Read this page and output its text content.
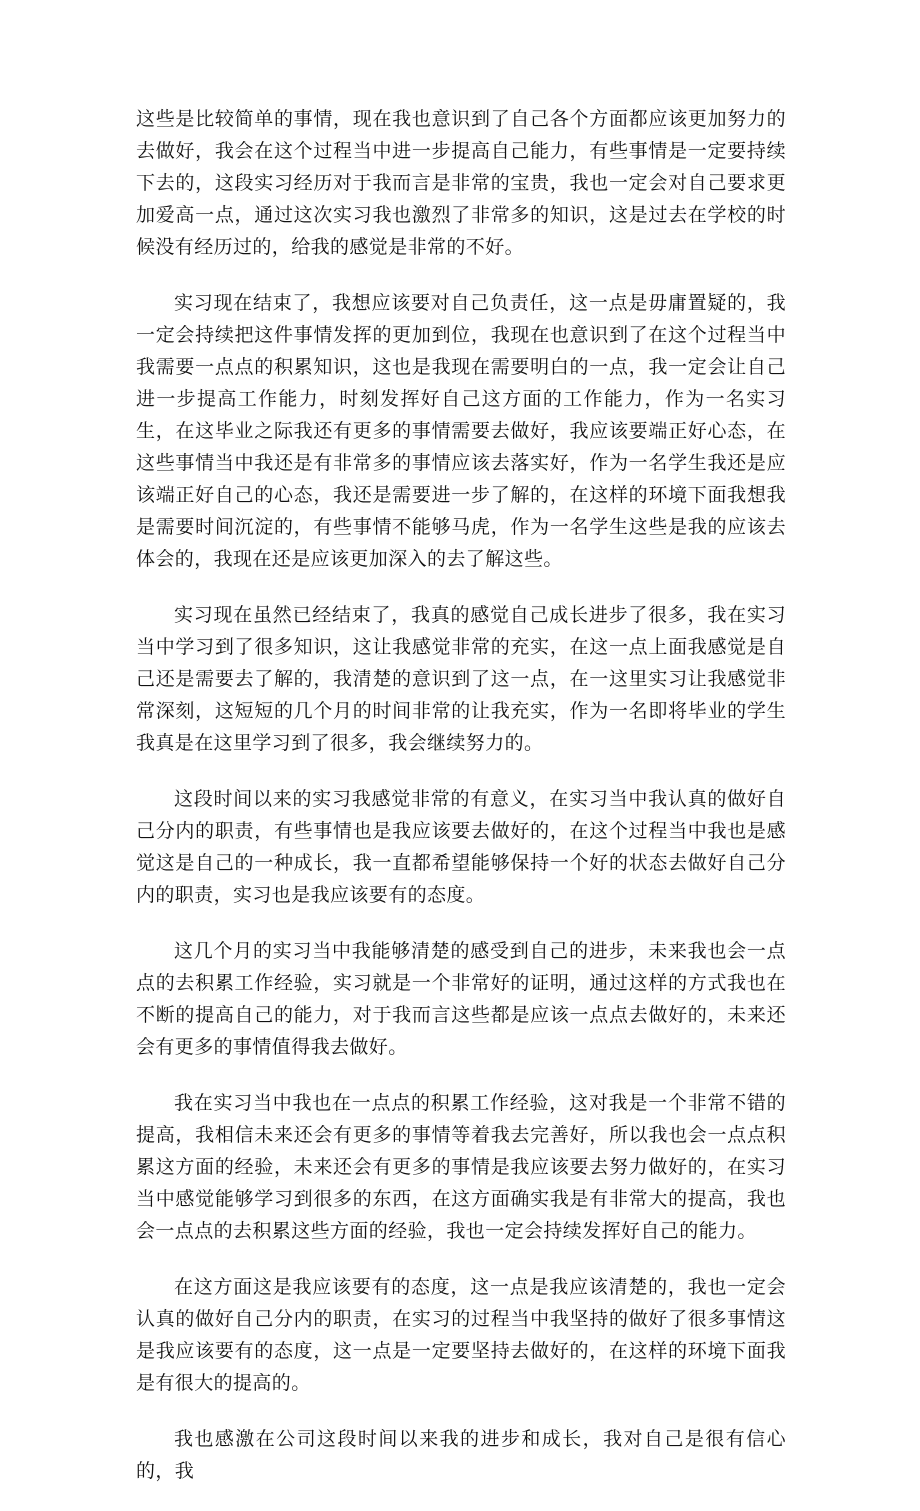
这些是比较简单的事情，现在我也意识到了自己各个方面都应该更加努力的去做好，我会在这个过程当中进一步提高自己能力，有些事情是一定要持续下去的，这段实习经历对于我而言是非常的宝贵，我也一定会对自己要求更加爱高一点，通过这次实习我也激烈了非常多的知识，这是过去在学校的时候没有经历过的，给我的感觉是非常的不好。

实习现在结束了，我想应该要对自己负责任，这一点是毋庸置疑的，我一定会持续把这件事情发挥的更加到位，我现在也意识到了在这个过程当中我需要一点点的积累知识，这也是我现在需要明白的一点，我一定会让自己进一步提高工作能力，时刻发挥好自己这方面的工作能力，作为一名实习生，在这毕业之际我还有更多的事情需要去做好，我应该要端正好心态，在这些事情当中我还是有非常多的事情应该去落实好，作为一名学生我还是应该端正好自己的心态，我还是需要进一步了解的，在这样的环境下面我想我是需要时间沉淀的，有些事情不能够马虎，作为一名学生这些是我的应该去体会的，我现在还是应该更加深入的去了解这些。

实习现在虽然已经结束了，我真的感觉自己成长进步了很多，我在实习当中学习到了很多知识，这让我感觉非常的充实，在这一点上面我感觉是自己还是需要去了解的，我清楚的意识到了这一点，在一这里实习让我感觉非常深刻，这短短的几个月的时间非常的让我充实，作为一名即将毕业的学生我真是在这里学习到了很多，我会继续努力的。

这段时间以来的实习我感觉非常的有意义，在实习当中我认真的做好自己分内的职责，有些事情也是我应该要去做好的，在这个过程当中我也是感觉这是自己的一种成长，我一直都希望能够保持一个好的状态去做好自己分内的职责，实习也是我应该要有的态度。

这几个月的实习当中我能够清楚的感受到自己的进步，未来我也会一点点的去积累工作经验，实习就是一个非常好的证明，通过这样的方式我也在不断的提高自己的能力，对于我而言这些都是应该一点点去做好的，未来还会有更多的事情值得我去做好。

我在实习当中我也在一点点的积累工作经验，这对我是一个非常不错的提高，我相信未来还会有更多的事情等着我去完善好，所以我也会一点点积累这方面的经验，未来还会有更多的事情是我应该要去努力做好的，在实习当中感觉能够学习到很多的东西，在这方面确实我是有非常大的提高，我也会一点点的去积累这些方面的经验，我也一定会持续发挥好自己的能力。

在这方面这是我应该要有的态度，这一点是我应该清楚的，我也一定会认真的做好自己分内的职责，在实习的过程当中我坚持的做好了很多事情这是我应该要有的态度，这一点是一定要坚持去做好的，在这样的环境下面我是有很大的提高的。

我也感激在公司这段时间以来我的进步和成长，我对自己是很有信心的，我
